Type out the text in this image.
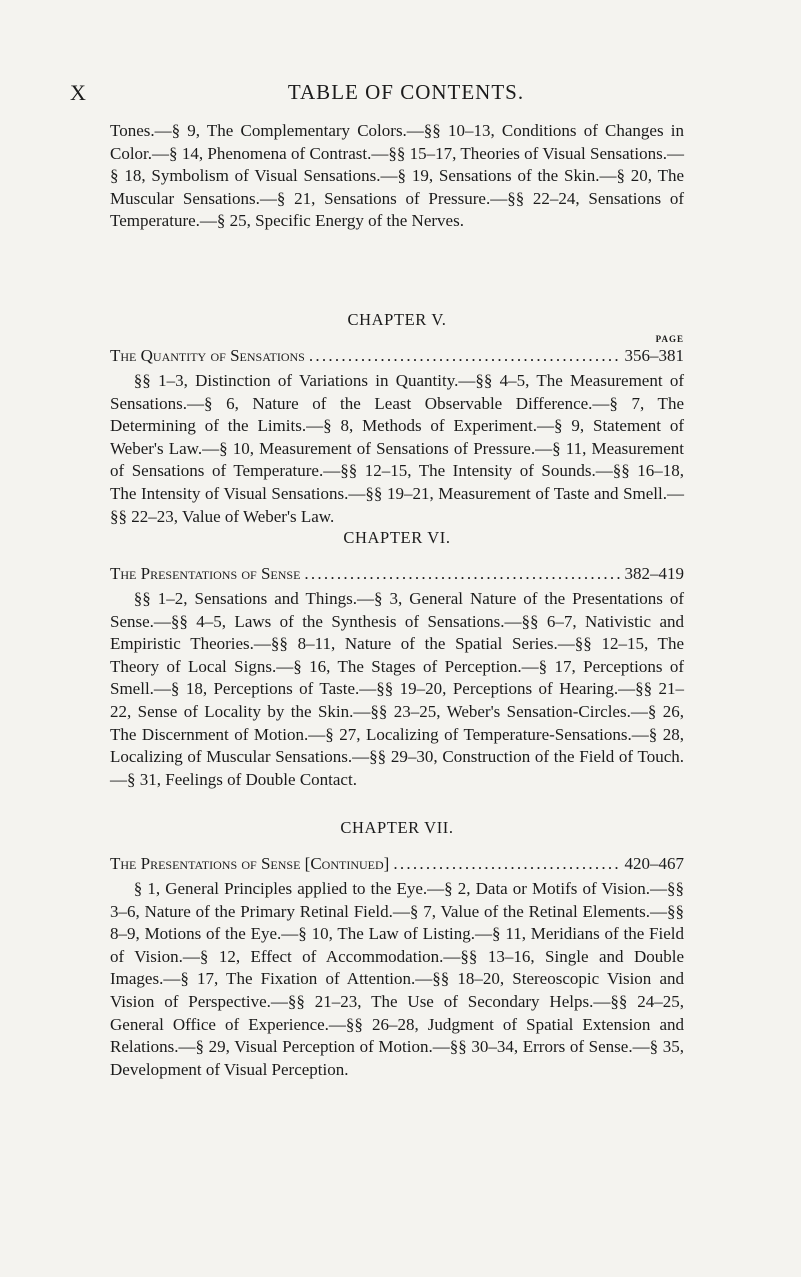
X	TABLE OF CONTENTS.

Tones.—§ 9, The Complementary Colors.—§§ 10–13, Conditions of Changes in Color.—§ 14, Phenomena of Contrast.—§§ 15–17, Theories of Visual Sensations.—§ 18, Symbolism of Visual Sensations.—§ 19, Sensations of the Skin.—§ 20, The Muscular Sensations.—§ 21, Sensations of Pressure.—§§ 22–24, Sensations of Temperature.—§ 25, Specific Energy of the Nerves.

CHAPTER V.

PAGE

The Quantity of Sensations . . .	356–381

§§ 1–3, Distinction of Variations in Quantity.—§§ 4–5, The Measurement of Sensations.—§ 6, Nature of the Least Observable Difference.—§ 7, The Determining of the Limits.—§ 8, Methods of Experiment.—§ 9, Statement of Weber's Law.—§ 10, Measurement of Sensations of Pressure.—§ 11, Measurement of Sensations of Temperature.—§§ 12–15, The Intensity of Sounds.—§§ 16–18, The Intensity of Visual Sensations.—§§ 19–21, Measurement of Taste and Smell.—§§ 22–23, Value of Weber's Law.

CHAPTER VI.

The Presentations of Sense . . .	382–419

§§ 1–2, Sensations and Things.—§ 3, General Nature of the Presentations of Sense.—§§ 4–5, Laws of the Synthesis of Sensations.—§§ 6–7, Nativistic and Empiristic Theories.—§§ 8–11, Nature of the Spatial Series.—§§ 12–15, The Theory of Local Signs.—§ 16, The Stages of Perception.—§ 17, Perceptions of Smell.—§ 18, Perceptions of Taste.—§§ 19–20, Perceptions of Hearing.—§§ 21–22, Sense of Locality by the Skin.—§§ 23–25, Weber's Sensation-Circles.—§ 26, The Discernment of Motion.—§ 27, Localizing of Temperature-Sensations.—§ 28, Localizing of Muscular Sensations.—§§ 29–30, Construction of the Field of Touch.—§ 31, Feelings of Double Contact.

CHAPTER VII.

The Presentations of Sense [Continued] . . .	420–467

§ 1, General Principles applied to the Eye.—§ 2, Data or Motifs of Vision.—§§ 3–6, Nature of the Primary Retinal Field.—§ 7, Value of the Retinal Elements.—§§ 8–9, Motions of the Eye.—§ 10, The Law of Listing.—§ 11, Meridians of the Field of Vision.—§ 12, Effect of Accommodation.—§§ 13–16, Single and Double Images.—§ 17, The Fixation of Attention.—§§ 18–20, Stereoscopic Vision and Vision of Perspective.—§§ 21–23, The Use of Secondary Helps.—§§ 24–25, General Office of Experience.—§§ 26–28, Judgment of Spatial Extension and Relations.—§ 29, Visual Perception of Motion.—§§ 30–34, Errors of Sense.—§ 35, Development of Visual Perception.
